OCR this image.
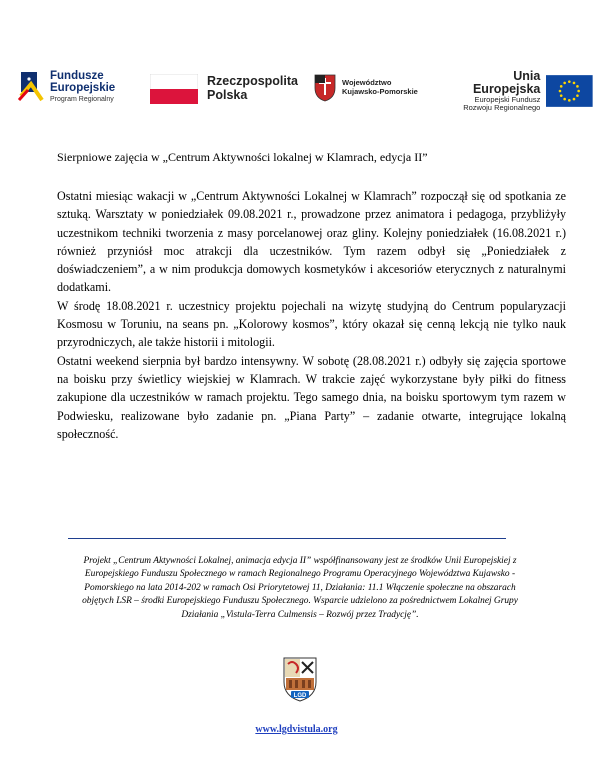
Fundusze
Europejskie
Program Regionalny
Rzeczpospolita
Polska
Województwo
Kujawsko-Pomorskie
Unia Europejska
Europejski Fundusz
Rozwoju Regionalnego
Sierpniowe zajęcia w „Centrum Aktywności lokalnej w Klamrach, edycja II”

Ostatni miesiąc wakacji w „Centrum Aktywności Lokalnej w Klamrach” rozpoczął się od spotkania ze sztuką. Warsztaty w poniedziałek 09.08.2021 r., prowadzone przez animatora i pedagoga, przybliżyły uczestnikom techniki tworzenia z masy porcelanowej oraz gliny. Kolejny poniedziałek (16.08.2021 r.) również przyniósł moc atrakcji dla uczestników. Tym razem odbył się „Poniedziałek z doświadczeniem”, a w nim produkcja domowych kosmetyków i akcesoriów eterycznych z naturalnymi dodatkami.

W środę 18.08.2021 r. uczestnicy projektu pojechali na wizytę studyjną do Centrum popularyzacji Kosmosu w Toruniu, na seans pn. „Kolorowy kosmos”, który okazał się cenną lekcją nie tylko nauk przyrodniczych, ale także historii i mitologii.

Ostatni weekend sierpnia był bardzo intensywny. W sobotę (28.08.2021 r.) odbyły się zajęcia sportowe na boisku przy świetlicy wiejskiej w Klamrach. W trakcie zajęć wykorzystane były piłki do fitness zakupione dla uczestników w ramach projektu. Tego samego dnia, na boisku sportowym tym razem w Podwiesku, realizowane było zadanie pn. „Piana Party” – zadanie otwarte, integrujące lokalną społeczność.

Projekt „Centrum Aktywności Lokalnej, animacja edycja II” współfinansowany jest ze środków Unii Europejskiej z Europejskiego Funduszu Społecznego w ramach Regionalnego Programu Operacyjnego Województwa Kujawsko - Pomorskiego na lata 2014-202 w ramach Osi Priorytetowej 11, Działania: 11.1 Włączenie społeczne na obszarach objętych LSR – środki Europejskiego Funduszu Społecznego. Wsparcie udzielono za pośrednictwem Lokalnej Grupy Działania „Vistula-Terra Culmensis – Rozwój przez Tradycję”.
LGD
www.lgdvistula.org
